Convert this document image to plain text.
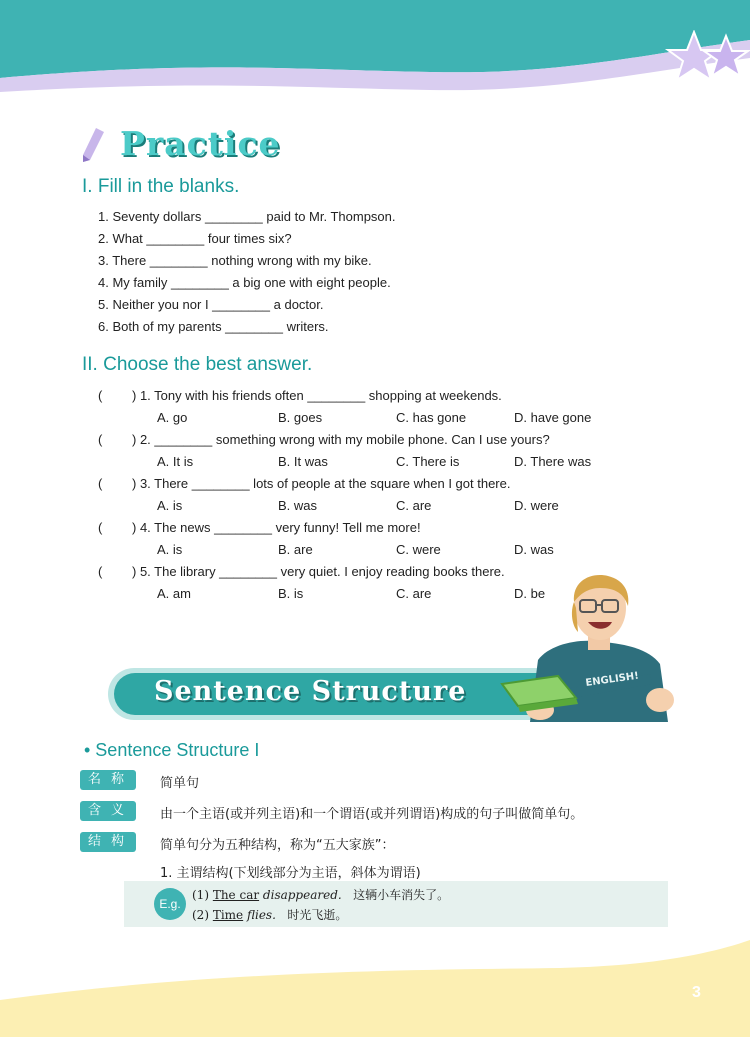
Practice
I. Fill in the blanks.
1. Seventy dollars ________ paid to Mr. Thompson.
2. What ________ four times six?
3. There ________ nothing wrong with my bike.
4. My family ________ a big one with eight people.
5. Neither you nor I ________ a doctor.
6. Both of my parents ________ writers.
II. Choose the best answer.
( ) 1. Tony with his friends often ________ shopping at weekends.
A. go	B. goes	C. has gone	D. have gone
( ) 2. ________ something wrong with my mobile phone. Can I use yours?
A. It is	B. It was	C. There is	D. There was
( ) 3. There ________ lots of people at the square when I got there.
A. is	B. was	C. are	D. were
( ) 4. The news ________ very funny! Tell me more!
A. is	B. are	C. were	D. was
( ) 5. The library ________ very quiet. I enjoy reading books there.
A. am	B. is	C. are	D. be
Sentence Structure	ENGLISH!
• Sentence Structure I
名称 简单句
含义 由一个主语(或并列主语)和一个谓语(或并列谓语)构成的句子叫做简单句。
结构 简单句分为五种结构，称为“五大家族”：
1. 主谓结构(下划线部分为主语，斜体为谓语)
E.g.
(1) The car disappeared. 这辆小车消失了。
(2) Time flies. 时光飞逝。
3
